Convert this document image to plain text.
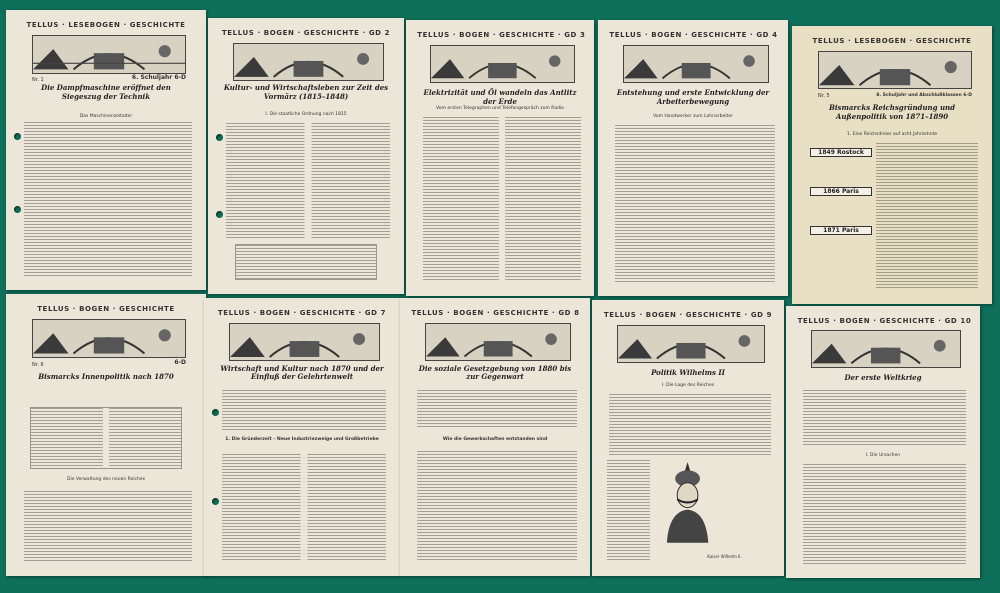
TELLUS · LESEBOGEN · GESCHICHTE
Nr. 1	6. Schuljahr 6-D
Die Dampfmaschine eröffnet den Siegeszug der Technik
Das Maschinenzeitalter
TELLUS · BOGEN · GESCHICHTE · GD 2
Kultur- und Wirtschaftsleben zur Zeit des Vormärz (1815–1848)
I. Die staatliche Ordnung nach 1815
TELLUS · BOGEN · GESCHICHTE · GD 3
Elektrizität und Öl wandeln das Antlitz der Erde
Vom ersten Telegraphen und Telefongespräch zum Radio
TELLUS · BOGEN · GESCHICHTE · GD 4
Entstehung und erste Entwicklung der Arbeiterbewegung
Vom Handwerker zum Lohnarbeiter
TELLUS · LESEBOGEN · GESCHICHTE
Nr. 5	8. Schuljahr und Abschlußklassen 6-D
Bismarcks Reichsgründung und Außenpolitik von 1871–1890
1. Eine Reichsdreier auf acht Jahrzehnte
1849 Rostock
1866 Paris
1871 Paris
TELLUS · BOGEN · GESCHICHTE
Nr. 6	6-D
Bismarcks Innenpolitik nach 1870
Die Verwaltung des neuen Reiches
TELLUS · BOGEN · GESCHICHTE · GD 7
Wirtschaft und Kultur nach 1870 und der Einfluß der Gelehrtenwelt
1. Die Gründerzeit – Neue Industriezweige und Großbetriebe
TELLUS · BOGEN · GESCHICHTE · GD 8
Die soziale Gesetzgebung von 1880 bis zur Gegenwart
Wie die Gewerkschaften entstanden sind
TELLUS · BOGEN · GESCHICHTE · GD 9
Politik Wilhelms II
I. Die Lage des Reiches
Kaiser Wilhelm II.
TELLUS · BOGEN · GESCHICHTE · GD 10
Der erste Weltkrieg
I. Die Ursachen
